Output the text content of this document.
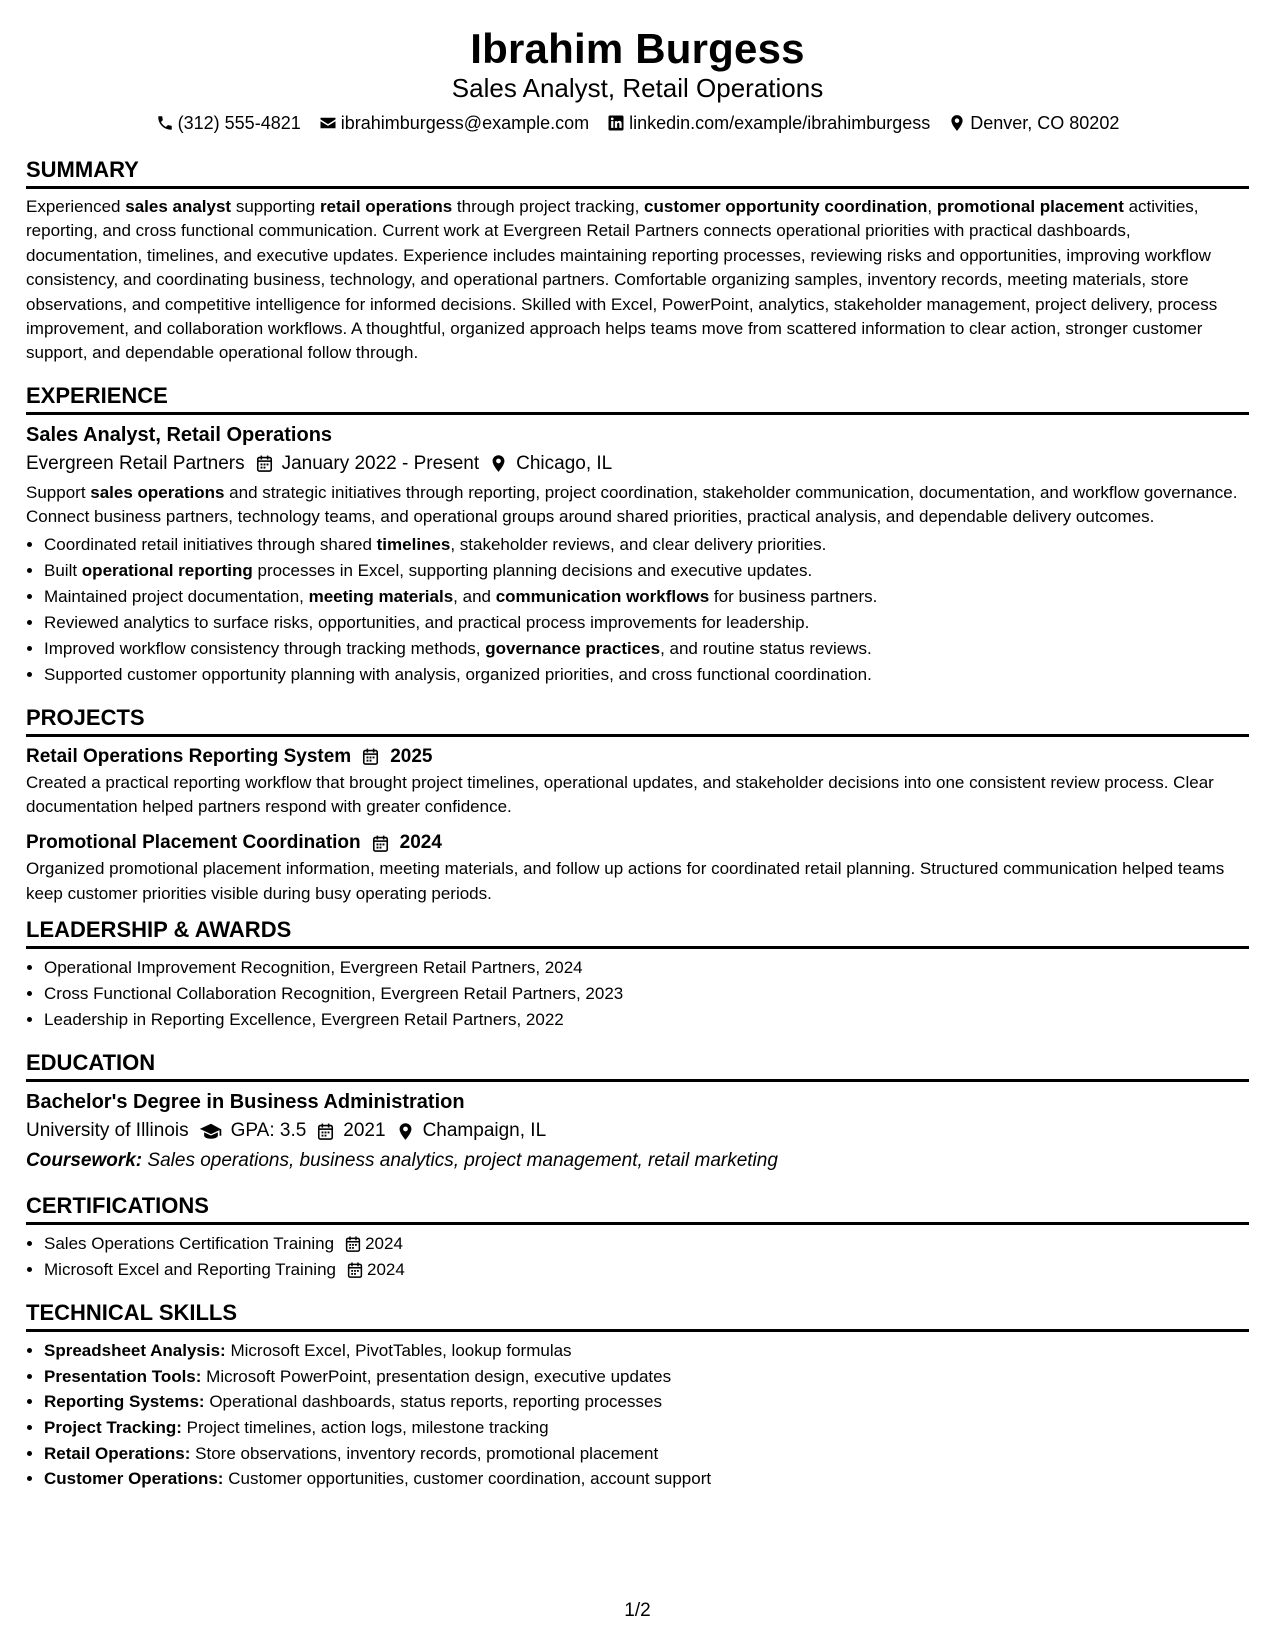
Ibrahim Burgess
Sales Analyst, Retail Operations
(312) 555-4821 ibrahimburgess@example.com linkedin.com/example/ibrahimburgess Denver, CO 80202
SUMMARY
Experienced sales analyst supporting retail operations through project tracking, customer opportunity coordination, promotional placement activities, reporting, and cross functional communication. Current work at Evergreen Retail Partners connects operational priorities with practical dashboards, documentation, timelines, and executive updates. Experience includes maintaining reporting processes, reviewing risks and opportunities, improving workflow consistency, and coordinating business, technology, and operational partners. Comfortable organizing samples, inventory records, meeting materials, store observations, and competitive intelligence for informed decisions. Skilled with Excel, PowerPoint, analytics, stakeholder management, project delivery, process improvement, and collaboration workflows. A thoughtful, organized approach helps teams move from scattered information to clear action, stronger customer support, and dependable operational follow through.
EXPERIENCE
Sales Analyst, Retail Operations
Evergreen Retail Partners January 2022 - Present Chicago, IL
Support sales operations and strategic initiatives through reporting, project coordination, stakeholder communication, documentation, and workflow governance. Connect business partners, technology teams, and operational groups around shared priorities, practical analysis, and dependable delivery outcomes.
• Coordinated retail initiatives through shared timelines, stakeholder reviews, and clear delivery priorities.
• Built operational reporting processes in Excel, supporting planning decisions and executive updates.
• Maintained project documentation, meeting materials, and communication workflows for business partners.
• Reviewed analytics to surface risks, opportunities, and practical process improvements for leadership.
• Improved workflow consistency through tracking methods, governance practices, and routine status reviews.
• Supported customer opportunity planning with analysis, organized priorities, and cross functional coordination.
PROJECTS
Retail Operations Reporting System 2025
Created a practical reporting workflow that brought project timelines, operational updates, and stakeholder decisions into one consistent review process. Clear documentation helped partners respond with greater confidence.
Promotional Placement Coordination 2024
Organized promotional placement information, meeting materials, and follow up actions for coordinated retail planning. Structured communication helped teams keep customer priorities visible during busy operating periods.
LEADERSHIP & AWARDS
• Operational Improvement Recognition, Evergreen Retail Partners, 2024
• Cross Functional Collaboration Recognition, Evergreen Retail Partners, 2023
• Leadership in Reporting Excellence, Evergreen Retail Partners, 2022
EDUCATION
Bachelor's Degree in Business Administration
University of Illinois GPA: 3.5 2021 Champaign, IL
Coursework: Sales operations, business analytics, project management, retail marketing
CERTIFICATIONS
• Sales Operations Certification Training 2024
• Microsoft Excel and Reporting Training 2024
TECHNICAL SKILLS
• Spreadsheet Analysis: Microsoft Excel, PivotTables, lookup formulas
• Presentation Tools: Microsoft PowerPoint, presentation design, executive updates
• Reporting Systems: Operational dashboards, status reports, reporting processes
• Project Tracking: Project timelines, action logs, milestone tracking
• Retail Operations: Store observations, inventory records, promotional placement
• Customer Operations: Customer opportunities, customer coordination, account support
1/2
